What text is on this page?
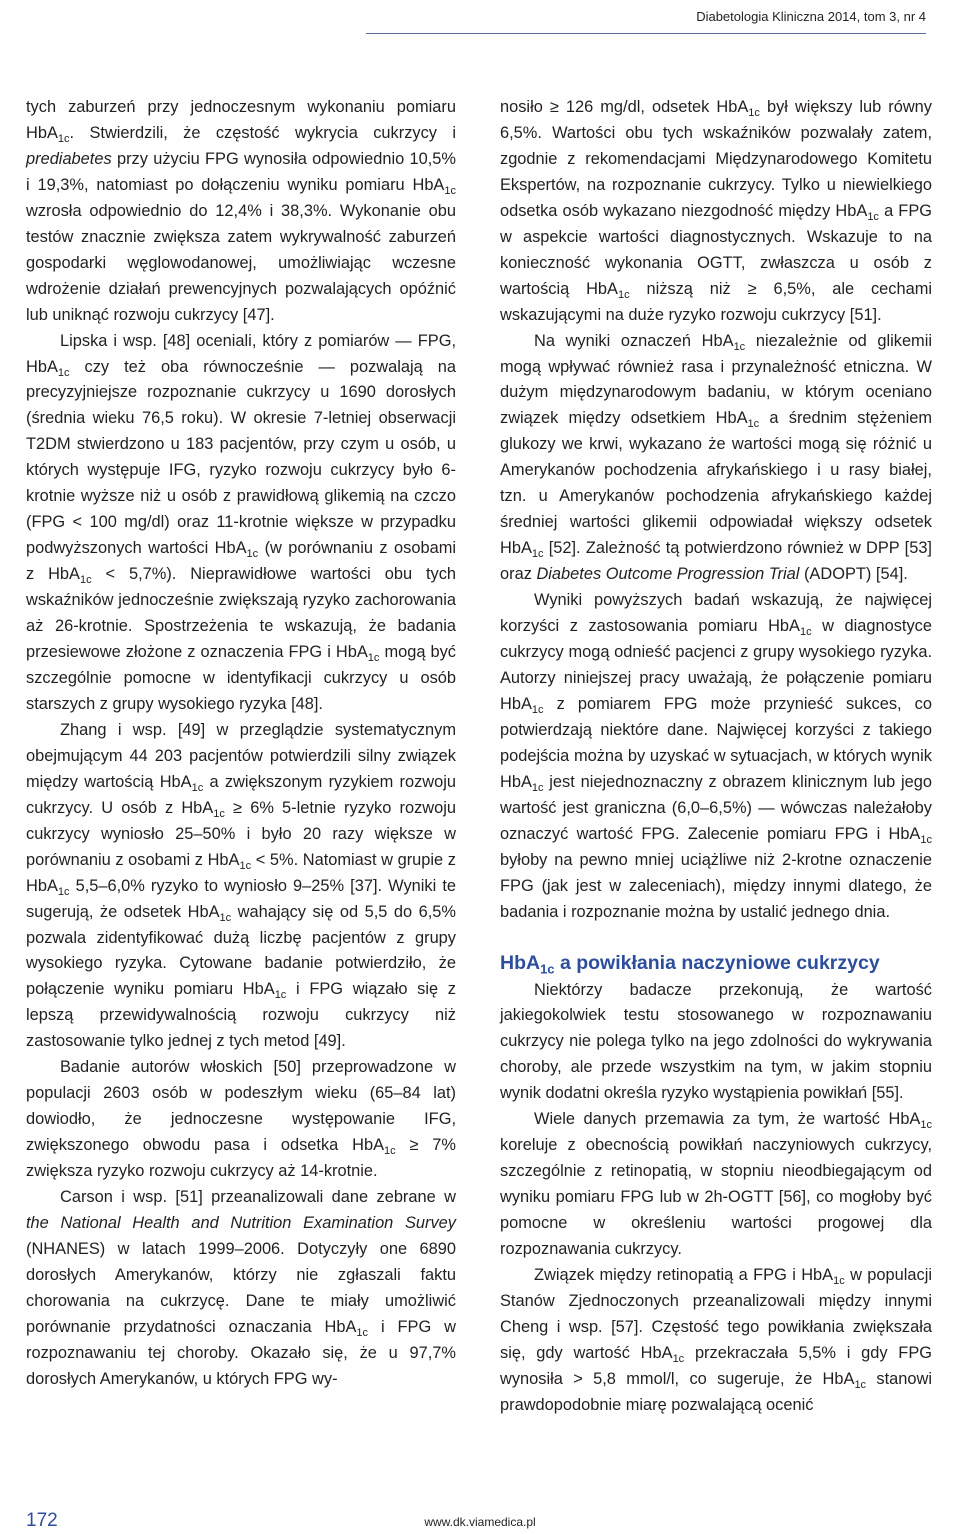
Diabetologia Kliniczna 2014, tom 3, nr 4

tych zaburzeń przy jednoczesnym wykonaniu pomiaru HbA$_{1c}$. Stwierdzili, że częstość wykrycia cukrzycy i prediabetes przy użyciu FPG wynosiła odpowiednio 10,5% i 19,3%, natomiast po dołączeniu wyniku pomiaru HbA$_{1c}$ wzrosła odpowiednio do 12,4% i 38,3%. Wykonanie obu testów znacznie zwiększa zatem wykrywalność zaburzeń gospodarki węglowodanowej, umożliwiając wczesne wdrożenie działań prewencyjnych pozwalających opóźnić lub uniknąć rozwoju cukrzycy [47].

Lipska i wsp. [48] oceniali, który z pomiarów — FPG, HbA$_{1c}$ czy też oba równocześnie — pozwalają na precyzyjniejsze rozpoznanie cukrzycy u 1690 dorosłych (średnia wieku 76,5 roku). W okresie 7-letniej obserwacji T2DM stwierdzono u 183 pacjentów, przy czym u osób, u których występuje IFG, ryzyko rozwoju cukrzycy było 6-krotnie wyższe niż u osób z prawidłową glikemią na czczo (FPG < 100 mg/dl) oraz 11-krotnie większe w przypadku podwyższonych wartości HbA$_{1c}$ (w porównaniu z osobami z HbA$_{1c}$ < 5,7%). Nieprawidłowe wartości obu tych wskaźników jednocześnie zwiększają ryzyko zachorowania aż 26-krotnie. Spostrzeżenia te wskazują, że badania przesiewowe złożone z oznaczenia FPG i HbA$_{1c}$ mogą być szczególnie pomocne w identyfikacji cukrzycy u osób starszych z grupy wysokiego ryzyka [48].

Zhang i wsp. [49] w przeglądzie systematycznym obejmującym 44 203 pacjentów potwierdzili silny związek między wartością HbA$_{1c}$ a zwiększonym ryzykiem rozwoju cukrzycy. U osób z HbA$_{1c}$ ≥ 6% 5-letnie ryzyko rozwoju cukrzycy wyniosło 25–50% i było 20 razy większe w porównaniu z osobami z HbA$_{1c}$ < 5%. Natomiast w grupie z HbA$_{1c}$ 5,5–6,0% ryzyko to wyniosło 9–25% [37]. Wyniki te sugerują, że odsetek HbA$_{1c}$ wahający się od 5,5 do 6,5% pozwala zidentyfikować dużą liczbę pacjentów z grupy wysokiego ryzyka. Cytowane badanie potwierdziło, że połączenie wyniku pomiaru HbA$_{1c}$ i FPG wiązało się z lepszą przewidywalnością rozwoju cukrzycy niż zastosowanie tylko jednej z tych metod [49].

Badanie autorów włoskich [50] przeprowadzone w populacji 2603 osób w podeszłym wieku (65–84 lat) dowiodło, że jednoczesne występowanie IFG, zwiększonego obwodu pasa i odsetka HbA$_{1c}$ ≥ 7% zwiększa ryzyko rozwoju cukrzycy aż 14-krotnie.

Carson i wsp. [51] przeanalizowali dane zebrane w the National Health and Nutrition Examination Survey (NHANES) w latach 1999–2006. Dotyczyły one 6890 dorosłych Amerykanów, którzy nie zgłaszali faktu chorowania na cukrzycę. Dane te miały umożliwić porównanie przydatności oznaczania HbA$_{1c}$ i FPG w rozpoznawaniu tej choroby. Okazało się, że u 97,7% dorosłych Amerykanów, u których FPG wy-

nosiło ≥ 126 mg/dl, odsetek HbA$_{1c}$ był większy lub równy 6,5%. Wartości obu tych wskaźników pozwalały zatem, zgodnie z rekomendacjami Międzynarodowego Komitetu Ekspertów, na rozpoznanie cukrzycy. Tylko u niewielkiego odsetka osób wykazano niezgodność między HbA$_{1c}$ a FPG w aspekcie wartości diagnostycznych. Wskazuje to na konieczność wykonania OGTT, zwłaszcza u osób z wartością HbA$_{1c}$ niższą niż ≥ 6,5%, ale cechami wskazującymi na duże ryzyko rozwoju cukrzycy [51].

Na wyniki oznaczeń HbA$_{1c}$ niezależnie od glikemii mogą wpływać również rasa i przynależność etniczna. W dużym międzynarodowym badaniu, w którym oceniano związek między odsetkiem HbA$_{1c}$ a średnim stężeniem glukozy we krwi, wykazano że wartości mogą się różnić u Amerykanów pochodzenia afrykańskiego i u rasy białej, tzn. u Amerykanów pochodzenia afrykańskiego każdej średniej wartości glikemii odpowiadał większy odsetek HbA$_{1c}$ [52]. Zależność tą potwierdzono również w DPP [53] oraz Diabetes Outcome Progression Trial (ADOPT) [54].

Wyniki powyższych badań wskazują, że najwięcej korzyści z zastosowania pomiaru HbA$_{1c}$ w diagnostyce cukrzycy mogą odnieść pacjenci z grupy wysokiego ryzyka. Autorzy niniejszej pracy uważają, że połączenie pomiaru HbA$_{1c}$ z pomiarem FPG może przynieść sukces, co potwierdzają niektóre dane. Najwięcej korzyści z takiego podejścia można by uzyskać w sytuacjach, w których wynik HbA$_{1c}$ jest niejednoznaczny z obrazem klinicznym lub jego wartość jest graniczna (6,0–6,5%) — wówczas należałoby oznaczyć wartość FPG. Zalecenie pomiaru FPG i HbA$_{1c}$ byłoby na pewno mniej uciążliwe niż 2-krotne oznaczenie FPG (jak jest w zaleceniach), między innymi dlatego, że badania i rozpoznanie można by ustalić jednego dnia.

HbA$_{1c}$ a powikłania naczyniowe cukrzycy

Niektórzy badacze przekonują, że wartość jakiegokolwiek testu stosowanego w rozpoznawaniu cukrzycy nie polega tylko na jego zdolności do wykrywania choroby, ale przede wszystkim na tym, w jakim stopniu wynik dodatni określa ryzyko wystąpienia powikłań [55].

Wiele danych przemawia za tym, że wartość HbA$_{1c}$ koreluje z obecnością powikłań naczyniowych cukrzycy, szczególnie z retinopatią, w stopniu nieodbiegającym od wyniku pomiaru FPG lub w 2h-OGTT [56], co mogłoby być pomocne w określeniu wartości progowej dla rozpoznawania cukrzycy.

Związek między retinopatią a FPG i HbA$_{1c}$ w populacji Stanów Zjednoczonych przeanalizowali między innymi Cheng i wsp. [57]. Częstość tego powikłania zwiększała się, gdy wartość HbA$_{1c}$ przekraczała 5,5% i gdy FPG wynosiła > 5,8 mmol/l, co sugeruje, że HbA$_{1c}$ stanowi prawdopodobnie miarę pozwalającą ocenić

172	www.dk.viamedica.pl
